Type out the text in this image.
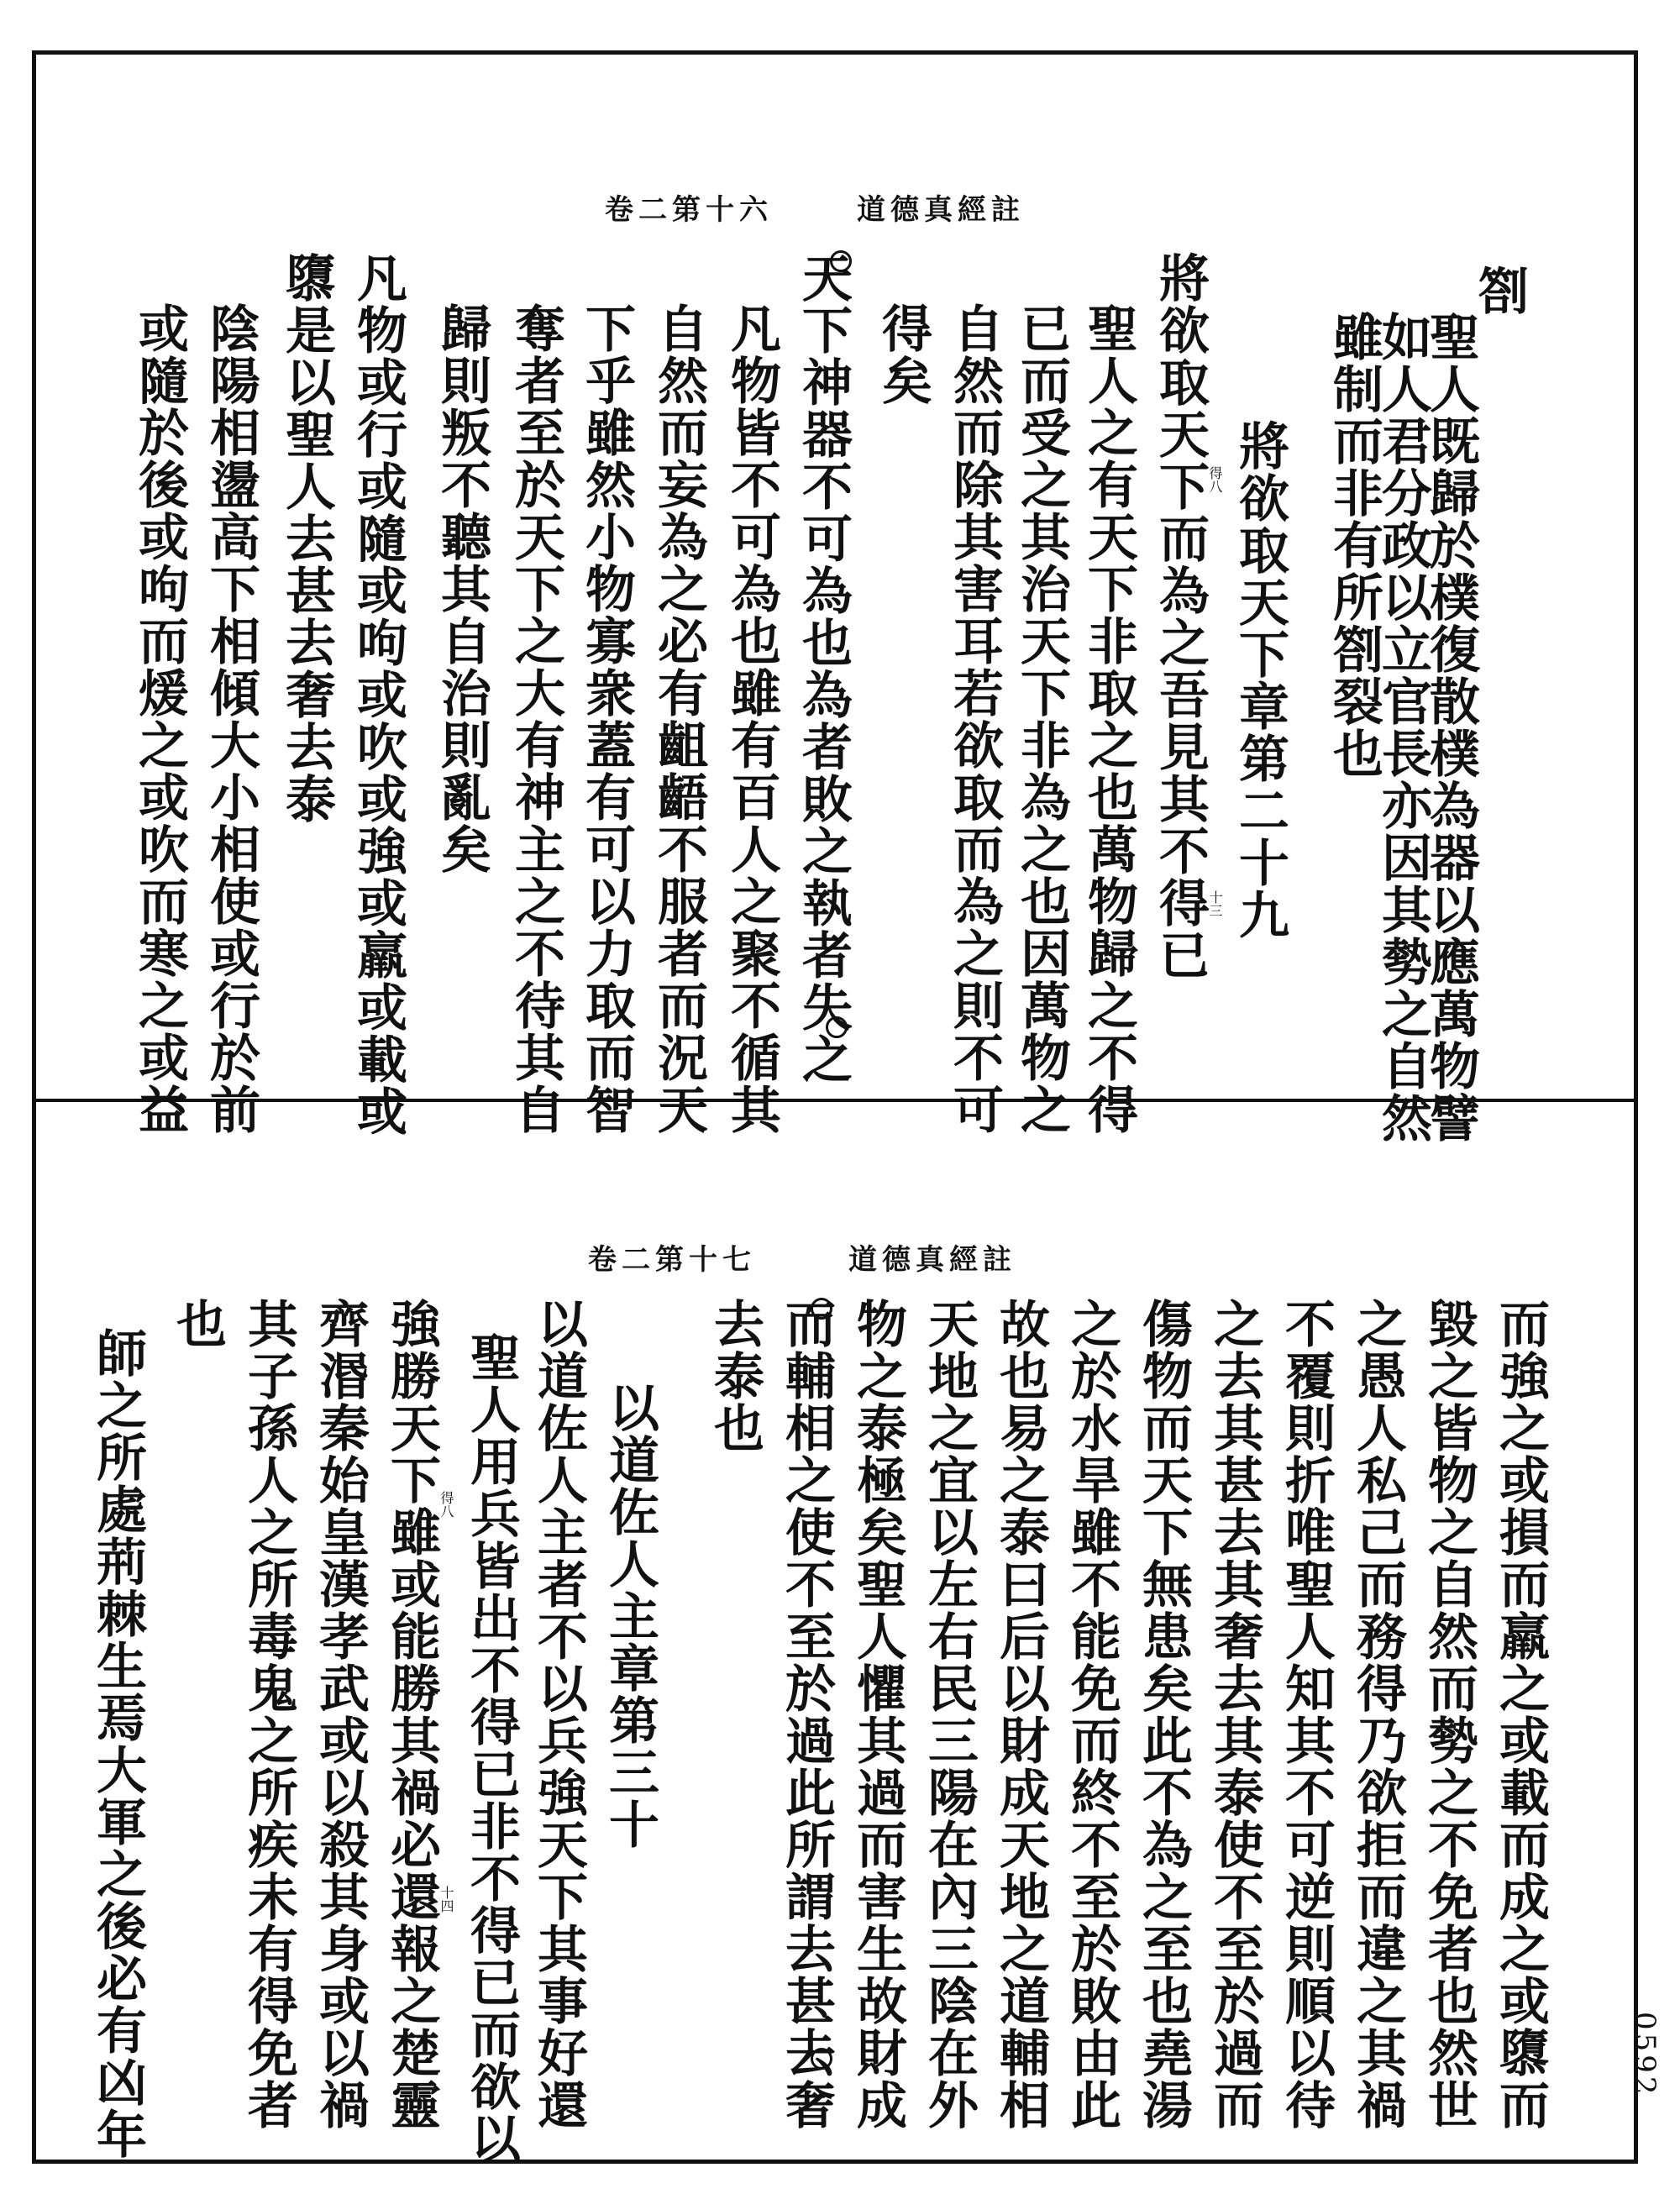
道德真經註
卷二第十六
劄
聖人既歸於樸復散樸為器以應萬物譬
如人君分政以立官長亦因其勢之自然
雖制而非有所劄裂也
將欲取天下章第二十九
將欲取天下而為之吾見其不得已
聖人之有天下非取之也萬物歸之不得
已而受之其治天下非為之也因萬物之
自然而除其害耳若欲取而為之則不可
得矣
天下神器不可為也為者敗之執者失之
凡物皆不可為也雖有百人之聚不循其
自然而妄為之必有齟齬不服者而況天
下乎雖然小物寡衆蓋有可以力取而智
奪者至於天下之大有神主之不待其自
歸則叛不聽其自治則亂矣
凡物或行或隨或呴或吹或強或羸或載或
隳是以聖人去甚去奢去泰
陰陽相盪高下相傾大小相使或行於前
或隨於後或呴而煖之或吹而寒之或益	得八
十三
道德真經註
卷二第十七
而強之或損而羸之或載而成之或隳而
毀之皆物之自然而勢之不免者也然世
之愚人私己而務得乃欲拒而違之其禍
不覆則折唯聖人知其不可逆則順以待
之去其甚去其奢去其泰使不至於過而
傷物而天下無患矣此不為之至也堯湯
之於水旱雖不能免而終不至於敗由此
故也易之泰曰后以財成天地之道輔相
天地之宜以左右民三陽在內三陰在外
物之泰極矣聖人懼其過而害生故財成
而輔相之使不至於過此所謂去甚去奢
去泰也
以道佐人主章第三十
以道佐人主者不以兵強天下其事好還
聖人用兵皆出不得已非不得已而欲以
強勝天下雖或能勝其禍必還報之楚靈
齊湣秦始皇漢孝武或以殺其身或以禍
其子孫人之所毒鬼之所疾未有得免者
也
師之所處荊棘生焉大軍之後必有凶年	得八
十四
0592
